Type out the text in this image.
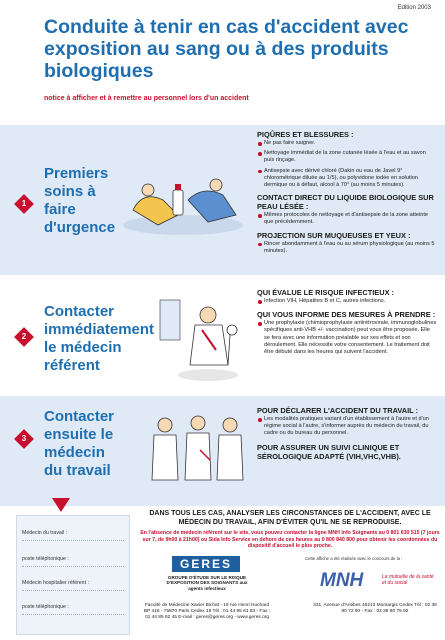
Edition 2003
Conduite à tenir en cas d'accident avec exposition au sang ou à des produits biologiques
notice à afficher et à remettre au personnel lors d'un accident
1
Premiers soins à faire d'urgence

PIQÛRES ET BLESSURES :

Ne pas faire saigner.

Nettoyage immédiat de la zone cutanée lésée à l'eau et au savon puis rinçage.

Antisepsie avec dérivé chloré (Dakin ou eau de Javel 9° chlorométrique diluée au 1/5), ou polyvidone iodée en solution dermique ou à défaut, alcool à 70° (au moins 5 minutes).

CONTACT DIRECT DU LIQUIDE BIOLOGIQUE SUR PEAU LÉSÉE :

Mêmes protocoles de nettoyage et d'antisepsie de la zone atteinte que précédemment.

PROJECTION SUR MUQUEUSES ET YEUX :

Rincer abondamment à l'eau ou au sérum physiologique (au moins 5 minutes).

2
Contacter immédiatement le médecin référent

QUI ÉVALUE LE RISQUE INFECTIEUX :

Infection VIH, Hépatites B et C, autres infections.

QUI VOUS INFORME DES MESURES À PRENDRE :

Une prophylaxie (chimioprophylaxie antirétrovirale, immunoglobulines spécifiques anti-VHB +/- vaccination) peut vous être proposée. Elle se fera avec une information préalable sur ses effets et son déroulement. Elle nécessite votre consentement. Le traitement doit être débuté dans les heures qui suivent l'accident.

3
Contacter ensuite le médecin du travail

POUR DÉCLARER L'ACCIDENT DU TRAVAIL :

Les modalités pratiques variant d'un établissement à l'autre et d'un régime social à l'autre, s'informer auprès du médecin du travail, du cadre ou du bureau du personnel.

POUR ASSURER UN SUIVI CLINIQUE ET SÉROLOGIQUE ADAPTÉ (VIH,VHC,VHB).

Médecin du travail :
poste téléphonique :
Médecin hospitalier référent :
poste téléphonique :
DANS TOUS LES CAS, ANALYSER LES CIRCONSTANCES DE L'ACCIDENT, AVEC LE MÉDECIN DU TRAVAIL, AFIN D'ÉVITER QU'IL NE SE REPRODUISE.
En l'absence de médecin référent sur le site, vous pouvez contacter la ligne MNH Info Soignants au 0 801 630 515 (7 jours sur 7, de 9h00 à 21h00) ou Sida Info Service en dehors de ces heures au 0 800 840 800 pour obtenir les coordonnées du dispositif d'accueil le plus proche.
GERES
GROUPE D'ÉTUDE SUR LE RISQUE D'EXPOSITION DES SOIGNANTS aux agents infectieux
Faculté de Médecine Xavier Bichat - 16 rue Henri Huchard BP 416 - 75870 Paris Cedex 18 Tél : 01 44 85 61 83 - Fax : 01 44 85 62 45 E-mail : geres@geres.org - www.geres.org
Cette affiche a été réalisée avec le concours de la :
MNH	La mutuelle de la santé et du social
331, Avenue d'Antibes 45213 Montargis Cedex Tél : 02 38 90 72 90 - Fax : 02 38 90 75 92
